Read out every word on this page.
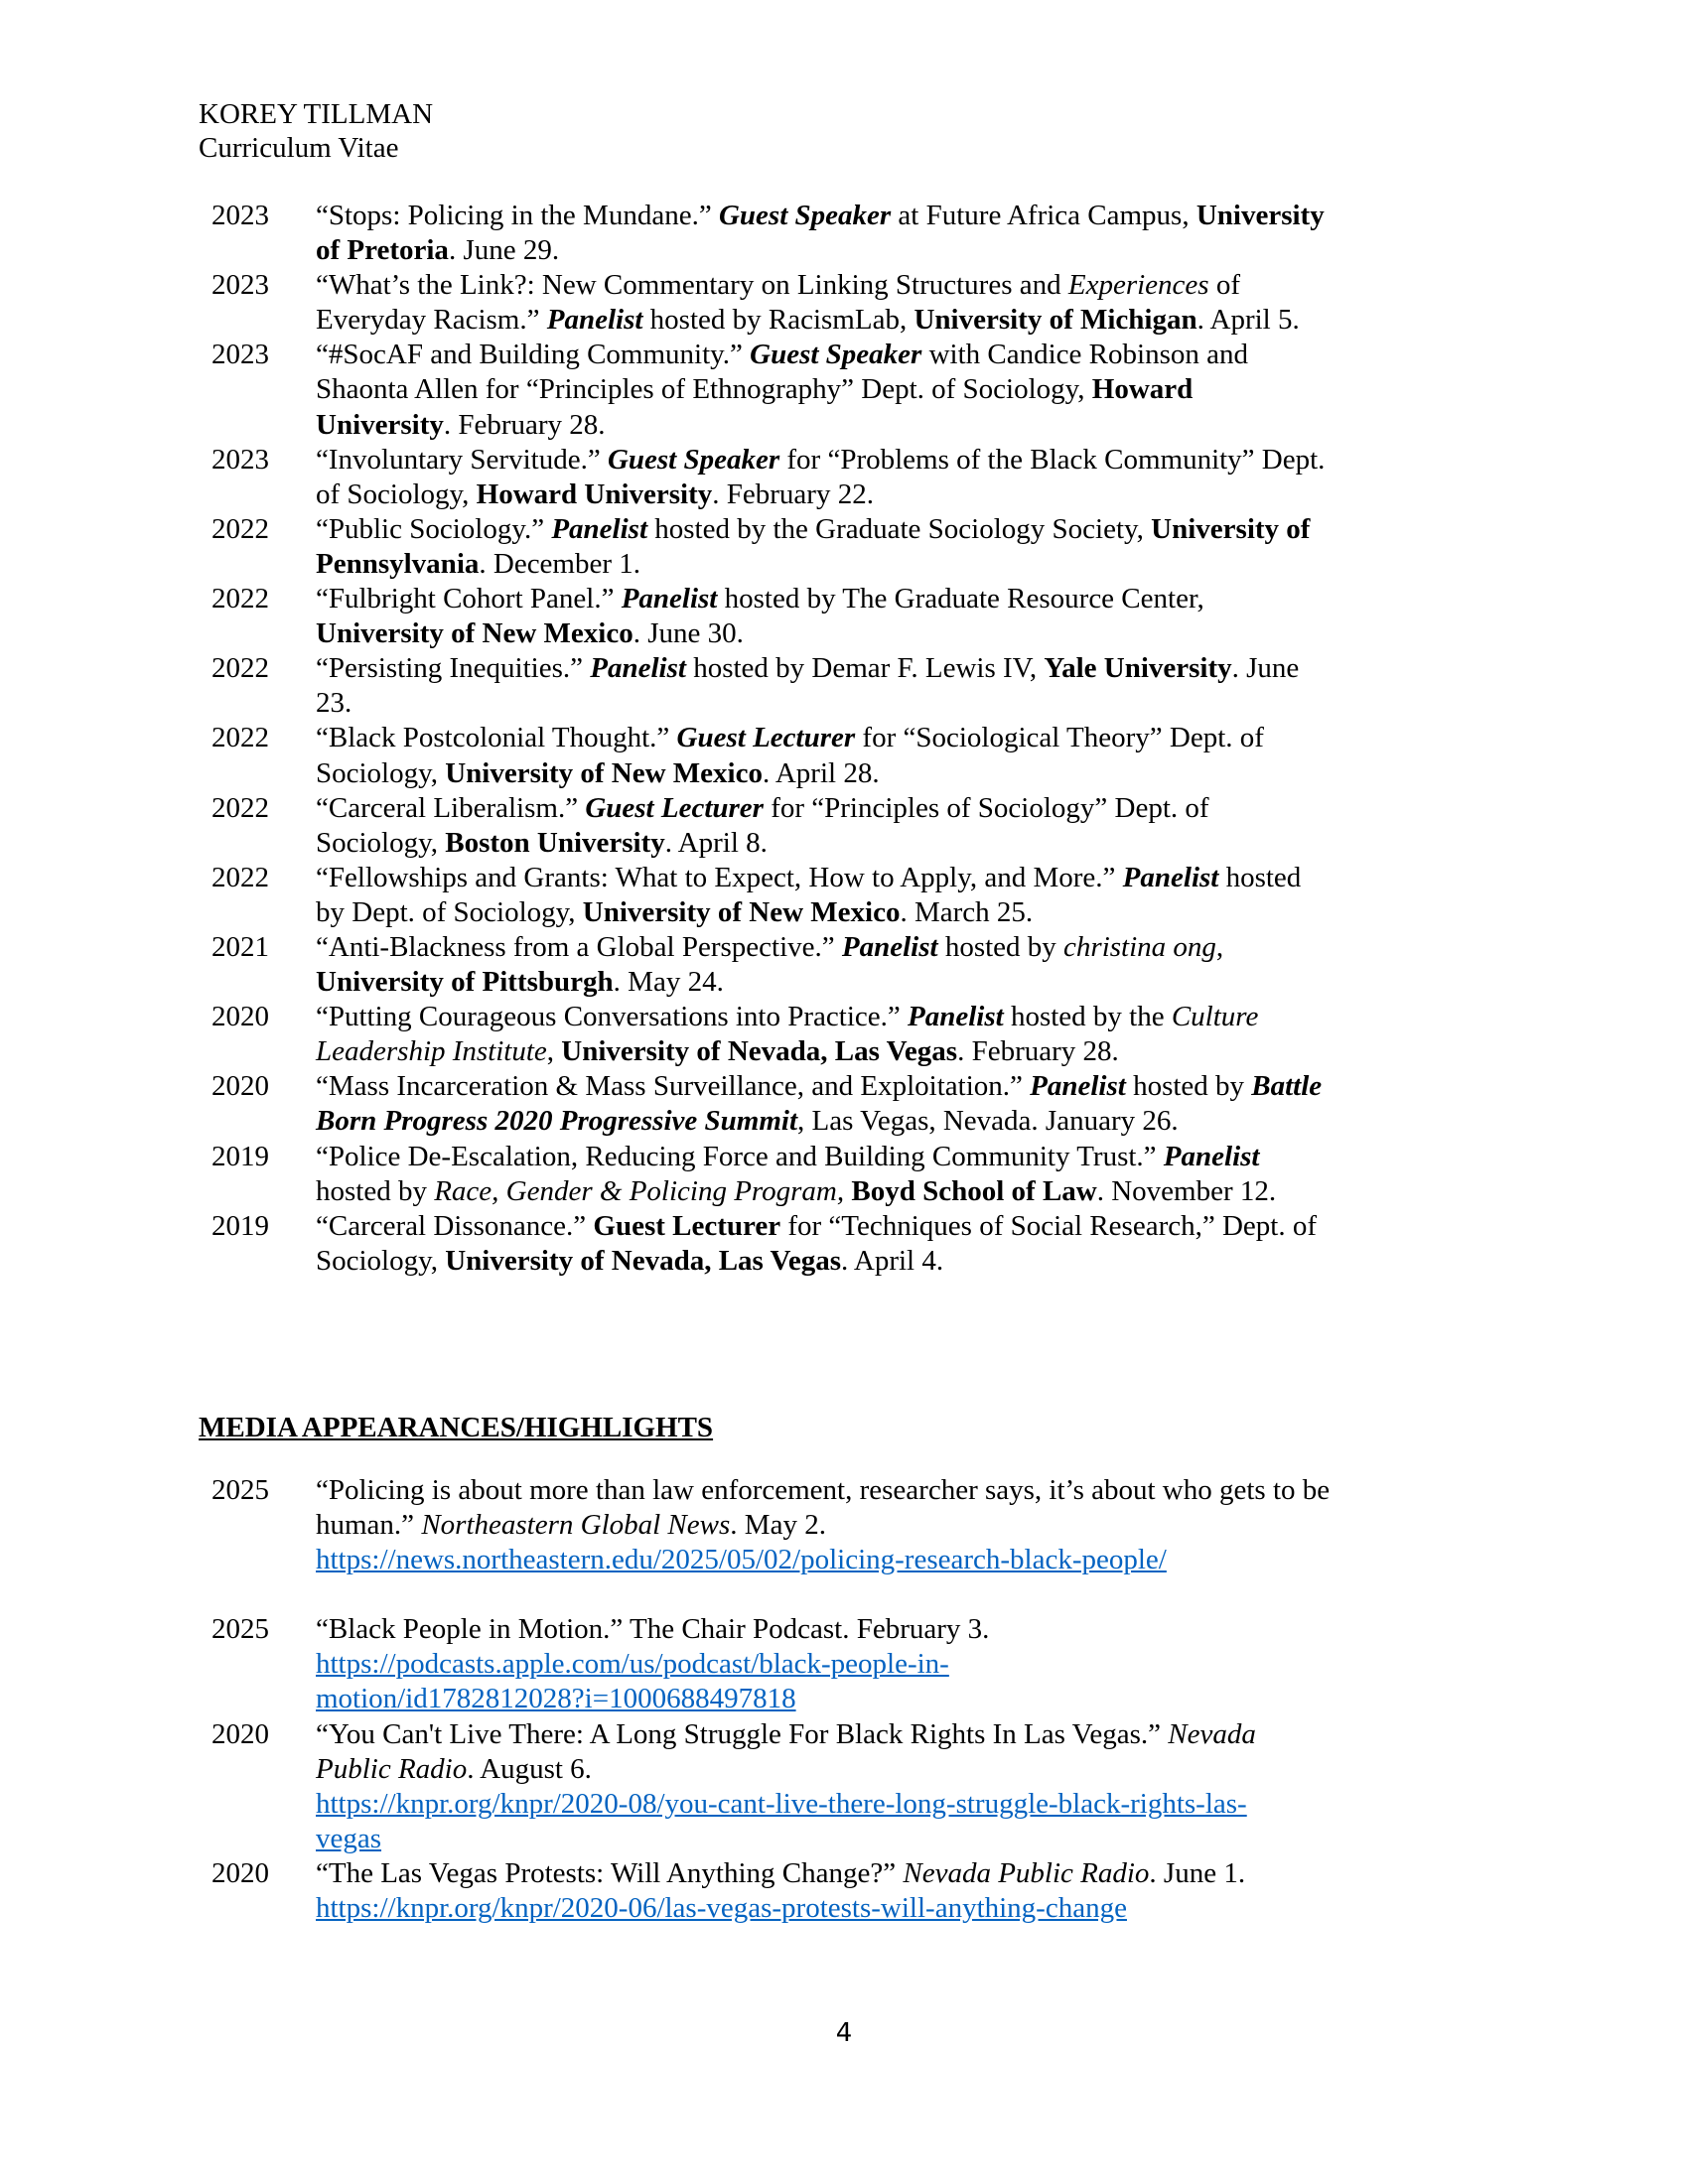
KOREY TILLMAN
Curriculum Vitae
2023	“Stops: Policing in the Mundane.” Guest Speaker at Future Africa Campus, University of Pretoria. June 29.
2023	“What’s the Link?: New Commentary on Linking Structures and Experiences of Everyday Racism.” Panelist hosted by RacismLab, University of Michigan. April 5.
2023	“#SocAF and Building Community.” Guest Speaker with Candice Robinson and Shaonta Allen for “Principles of Ethnography” Dept. of Sociology, Howard University. February 28.
2023	“Involuntary Servitude.” Guest Speaker for “Problems of the Black Community” Dept. of Sociology, Howard University. February 22.
2022	“Public Sociology.” Panelist hosted by the Graduate Sociology Society, University of Pennsylvania. December 1.
2022	“Fulbright Cohort Panel.” Panelist hosted by The Graduate Resource Center, University of New Mexico. June 30.
2022	“Persisting Inequities.” Panelist hosted by Demar F. Lewis IV, Yale University. June 23.
2022	“Black Postcolonial Thought.” Guest Lecturer for “Sociological Theory” Dept. of Sociology, University of New Mexico. April 28.
2022	“Carceral Liberalism.” Guest Lecturer for “Principles of Sociology” Dept. of Sociology, Boston University. April 8.
2022	“Fellowships and Grants: What to Expect, How to Apply, and More.” Panelist hosted by Dept. of Sociology, University of New Mexico. March 25.
2021	“Anti-Blackness from a Global Perspective.” Panelist hosted by christina ong, University of Pittsburgh. May 24.
2020	“Putting Courageous Conversations into Practice.” Panelist hosted by the Culture Leadership Institute, University of Nevada, Las Vegas. February 28.
2020	“Mass Incarceration & Mass Surveillance, and Exploitation.” Panelist hosted by Battle Born Progress 2020 Progressive Summit, Las Vegas, Nevada. January 26.
2019	“Police De-Escalation, Reducing Force and Building Community Trust.” Panelist hosted by Race, Gender & Policing Program, Boyd School of Law. November 12.
2019	“Carceral Dissonance.” Guest Lecturer for “Techniques of Social Research,” Dept. of Sociology, University of Nevada, Las Vegas. April 4.
MEDIA APPEARANCES/HIGHLIGHTS
2025	“Policing is about more than law enforcement, researcher says, it’s about who gets to be human.” Northeastern Global News. May 2.
https://news.northeastern.edu/2025/05/02/policing-research-black-people/
2025	“Black People in Motion.” The Chair Podcast. February 3.
https://podcasts.apple.com/us/podcast/black-people-in-
motion/id1782812028?i=1000688497818
2020	“You Can't Live There: A Long Struggle For Black Rights In Las Vegas.” Nevada Public Radio. August 6.
https://knpr.org/knpr/2020-08/you-cant-live-there-long-struggle-black-rights-las-
vegas
2020	“The Las Vegas Protests: Will Anything Change?” Nevada Public Radio. June 1.
https://knpr.org/knpr/2020-06/las-vegas-protests-will-anything-change
4
